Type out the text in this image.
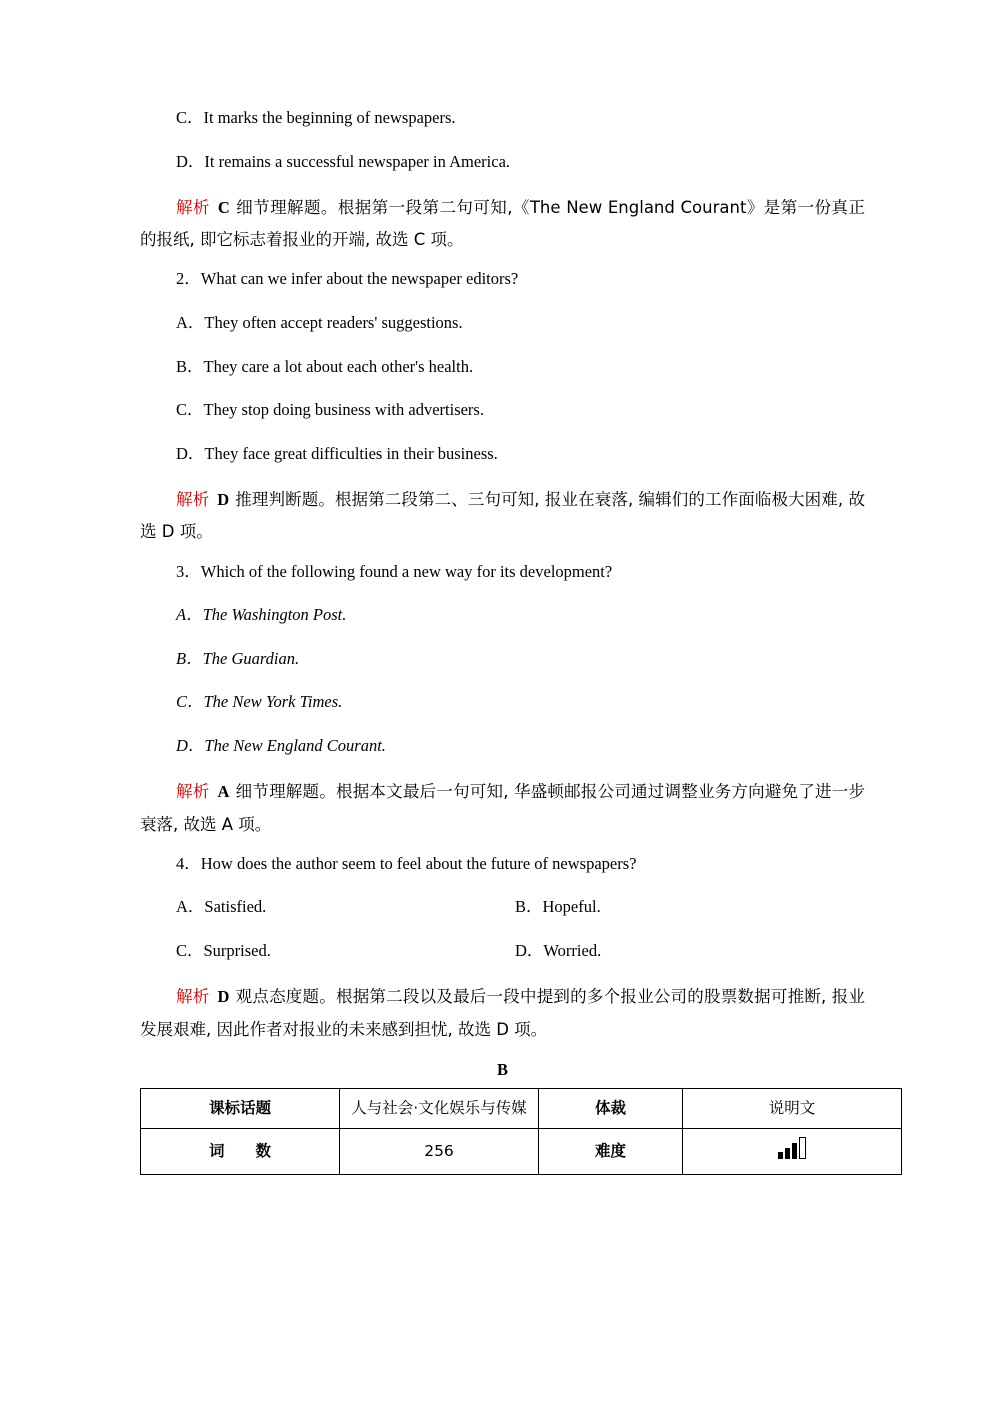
C．It marks the beginning of newspapers.

D．It remains a successful newspaper in America.

解析 C 细节理解题。根据第一段第二句可知,《The New England Courant》是第一份真正的报纸, 即它标志着报业的开端, 故选 C 项。

2．What can we infer about the newspaper editors?

A．They often accept readers' suggestions.

B．They care a lot about each other's health.

C．They stop doing business with advertisers.

D．They face great difficulties in their business.

解析 D 推理判断题。根据第二段第二、三句可知, 报业在衰落, 编辑们的工作面临极大困难, 故选 D 项。

3．Which of the following found a new way for its development?

A．The Washington Post.

B．The Guardian.

C．The New York Times.

D．The New England Courant.

解析 A 细节理解题。根据本文最后一句可知, 华盛顿邮报公司通过调整业务方向避免了进一步衰落, 故选 A 项。

4．How does the author seem to feel about the future of newspapers?

A．Satisfied.	B．Hopeful.
C．Surprised.	D．Worried.

解析 D 观点态度题。根据第二段以及最后一段中提到的多个报业公司的股票数据可推断, 报业发展艰难, 因此作者对报业的未来感到担忧, 故选 D 项。

B
课标话题	人与社会·文化娱乐与传媒	体裁	说明文
词　　数	256	难度	
